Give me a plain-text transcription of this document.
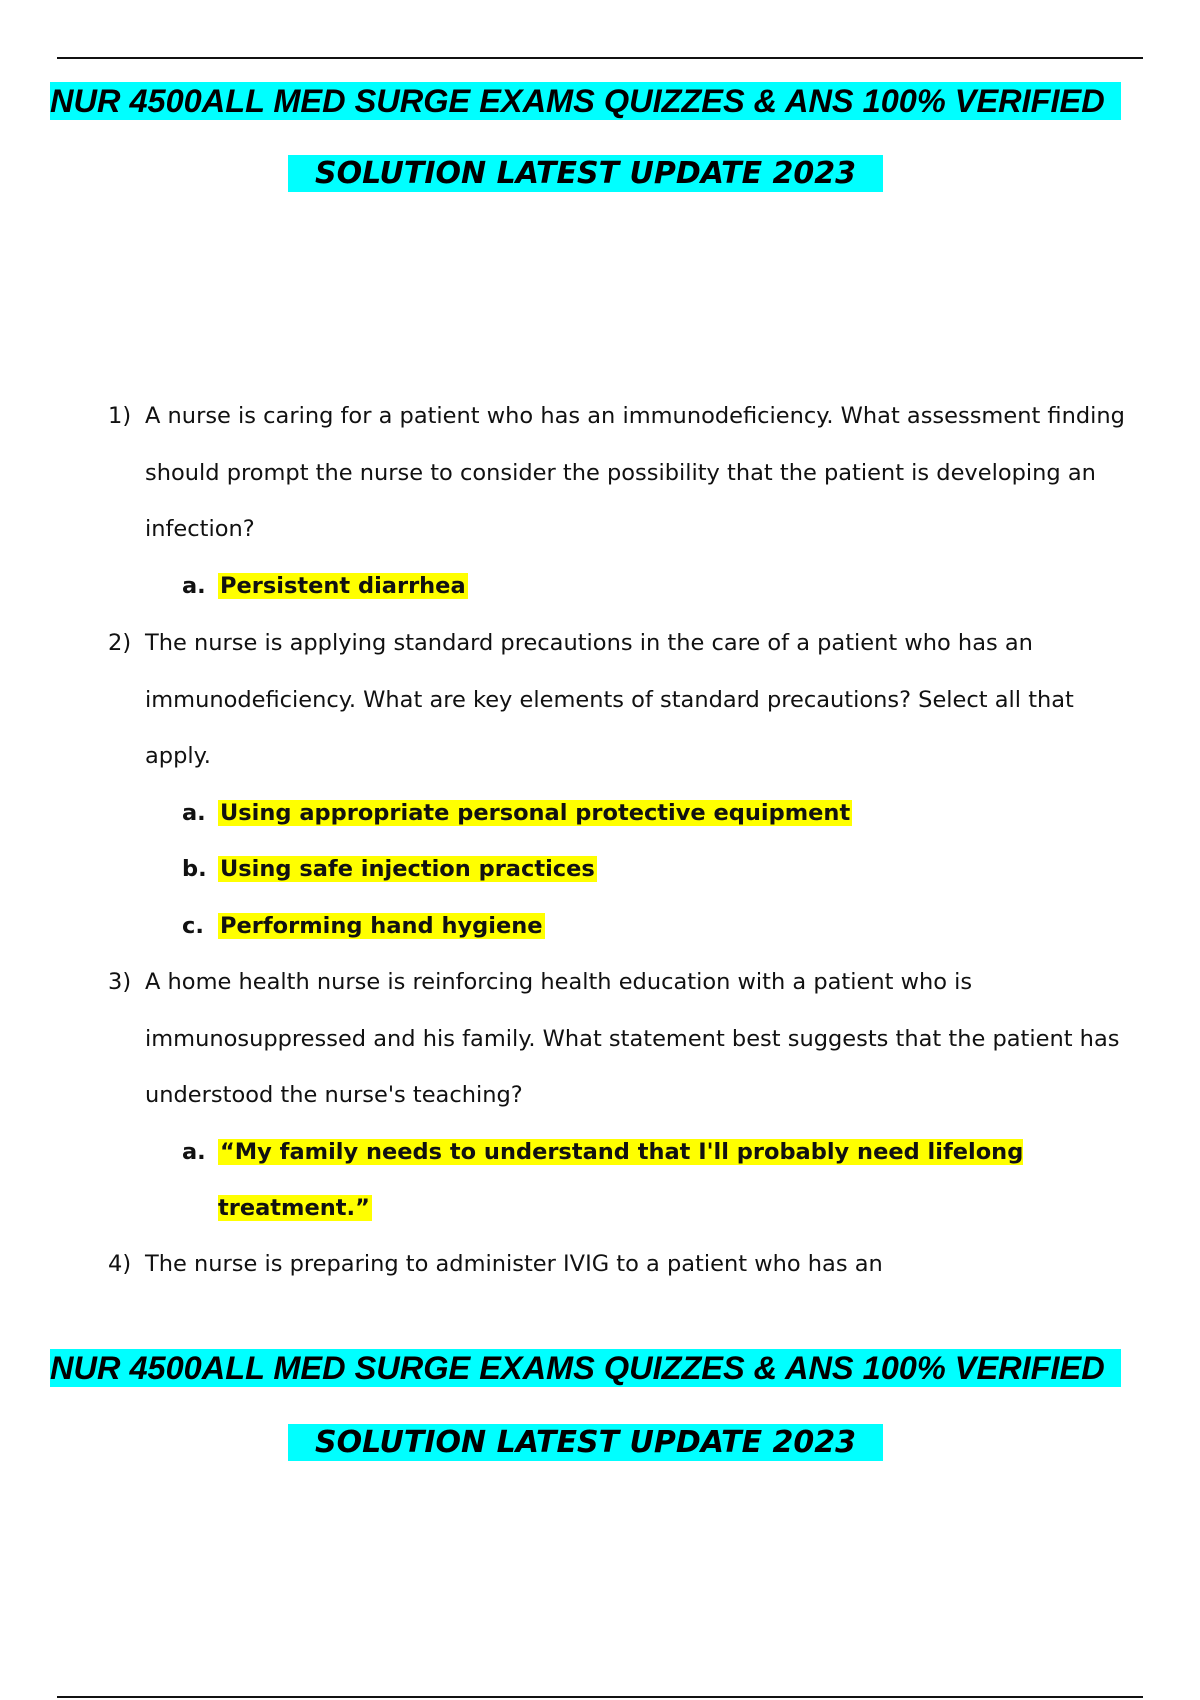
NUR 4500ALL MED SURGE EXAMS QUIZZES & ANS 100% VERIFIED
SOLUTION LATEST UPDATE 2023
1) A nurse is caring for a patient who has an immunodeficiency. What assessment finding should prompt the nurse to consider the possibility that the patient is developing an infection?
a. Persistent diarrhea
2) The nurse is applying standard precautions in the care of a patient who has an immunodeficiency. What are key elements of standard precautions? Select all that apply.
a. Using appropriate personal protective equipment
b. Using safe injection practices
c. Performing hand hygiene
3) A home health nurse is reinforcing health education with a patient who is immunosuppressed and his family. What statement best suggests that the patient has understood the nurse's teaching?
a. “My family needs to understand that I'll probably need lifelong treatment.”
4) The nurse is preparing to administer IVIG to a patient who has an
NUR 4500ALL MED SURGE EXAMS QUIZZES & ANS 100% VERIFIED
SOLUTION LATEST UPDATE 2023
